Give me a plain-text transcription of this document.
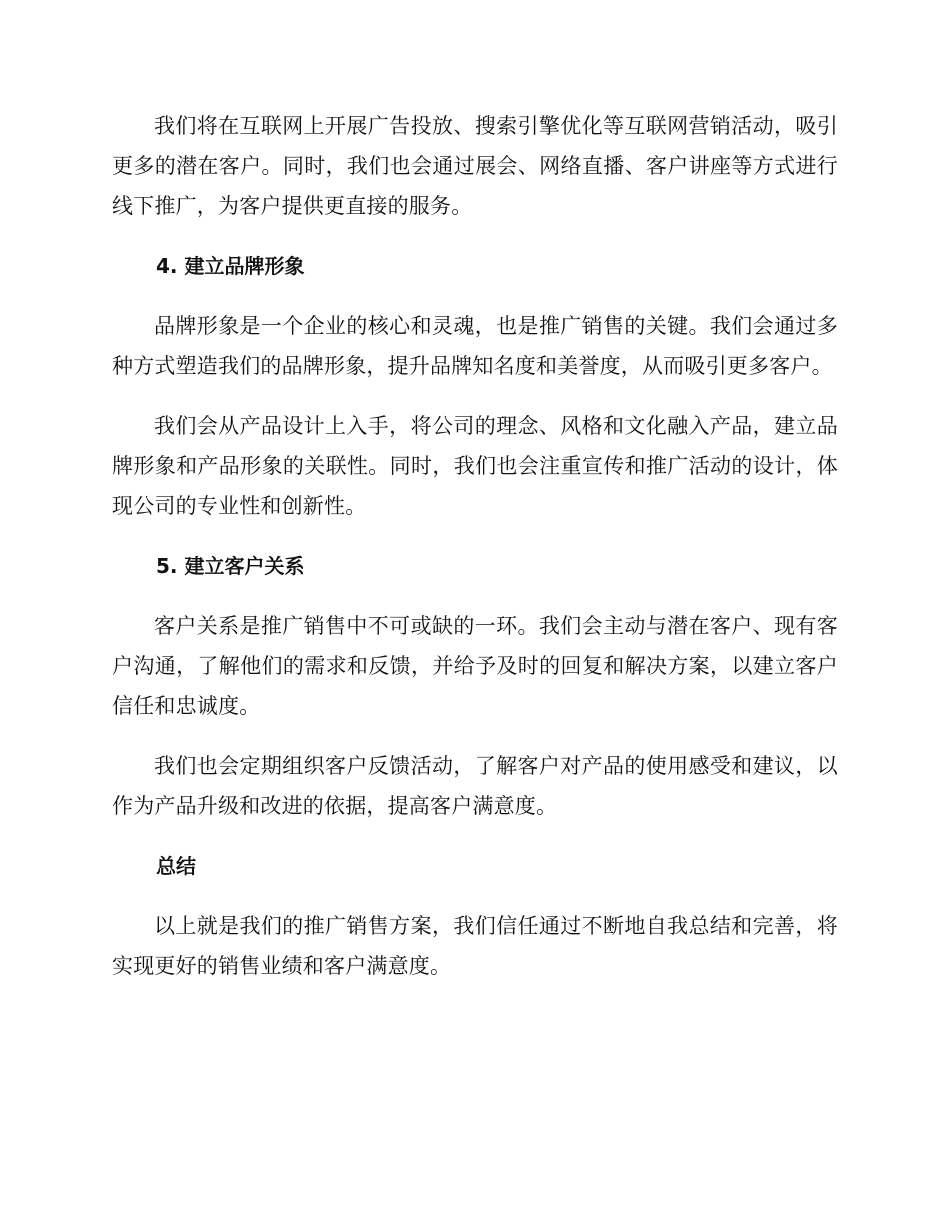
我们将在互联网上开展广告投放、搜索引擎优化等互联网营销活动，吸引更多的潜在客户。同时，我们也会通过展会、网络直播、客户讲座等方式进行线下推广，为客户提供更直接的服务。

4. 建立品牌形象

品牌形象是一个企业的核心和灵魂，也是推广销售的关键。我们会通过多种方式塑造我们的品牌形象，提升品牌知名度和美誉度，从而吸引更多客户。

我们会从产品设计上入手，将公司的理念、风格和文化融入产品，建立品牌形象和产品形象的关联性。同时，我们也会注重宣传和推广活动的设计，体现公司的专业性和创新性。

5. 建立客户关系

客户关系是推广销售中不可或缺的一环。我们会主动与潜在客户、现有客户沟通，了解他们的需求和反馈，并给予及时的回复和解决方案，以建立客户信任和忠诚度。

我们也会定期组织客户反馈活动，了解客户对产品的使用感受和建议，以作为产品升级和改进的依据，提高客户满意度。

总结

以上就是我们的推广销售方案，我们信任通过不断地自我总结和完善，将实现更好的销售业绩和客户满意度。
